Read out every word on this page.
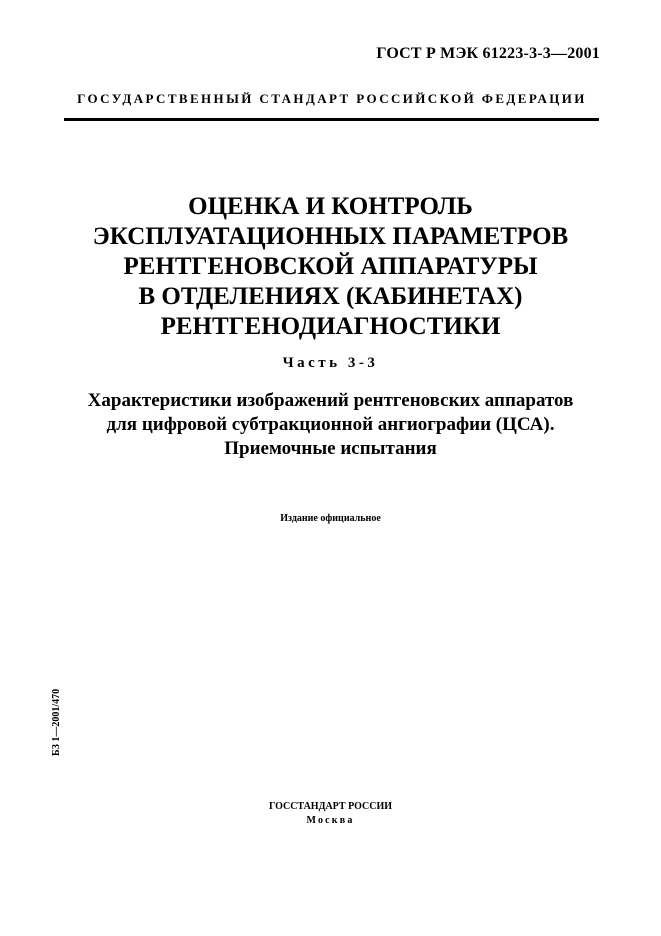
ГОСТ Р МЭК 61223-3-3—2001
ГОСУДАРСТВЕННЫЙ СТАНДАРТ РОССИЙСКОЙ ФЕДЕРАЦИИ
ОЦЕНКА И КОНТРОЛЬ
ЭКСПЛУАТАЦИОННЫХ ПАРАМЕТРОВ
РЕНТГЕНОВСКОЙ АППАРАТУРЫ
В ОТДЕЛЕНИЯХ (КАБИНЕТАХ)
РЕНТГЕНОДИАГНОСТИКИ
Часть 3-3
Характеристики изображений рентгеновских аппаратов
для цифровой субтракционной ангиографии (ЦСА).
Приемочные испытания
Издание официальное
БЗ 1—2001/470
ГОССТАНДАРТ РОССИИ
Москва
